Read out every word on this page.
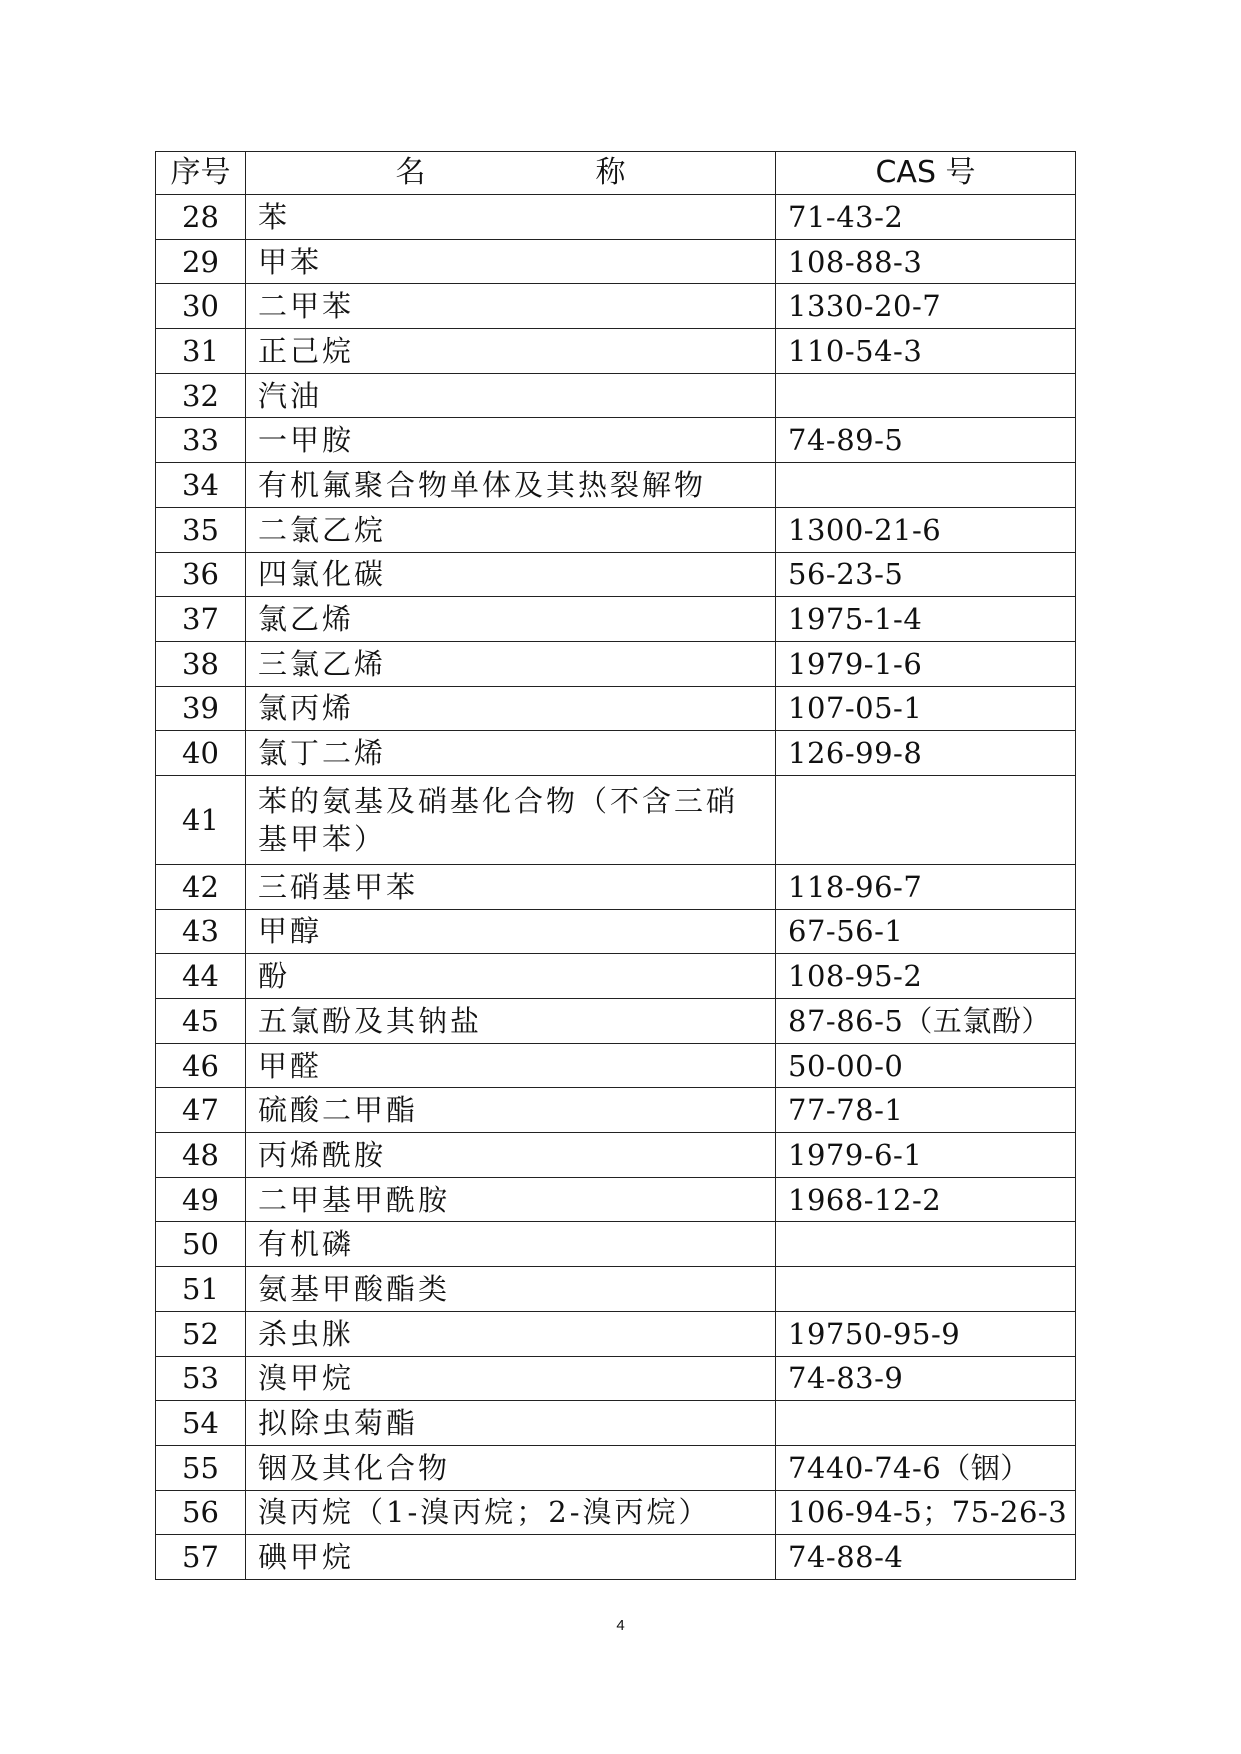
序号	名　称	CAS 号
28	苯	71-43-2
29	甲苯	108-88-3
30	二甲苯	1330-20-7
31	正己烷	110-54-3
32	汽油	
33	一甲胺	74-89-5
34	有机氟聚合物单体及其热裂解物	
35	二氯乙烷	1300-21-6
36	四氯化碳	56-23-5
37	氯乙烯	1975-1-4
38	三氯乙烯	1979-1-6
39	氯丙烯	107-05-1
40	氯丁二烯	126-99-8
41	苯的氨基及硝基化合物（不含三硝基甲苯）	
42	三硝基甲苯	118-96-7
43	甲醇	67-56-1
44	酚	108-95-2
45	五氯酚及其钠盐	87-86-5（五氯酚）
46	甲醛	50-00-0
47	硫酸二甲酯	77-78-1
48	丙烯酰胺	1979-6-1
49	二甲基甲酰胺	1968-12-2
50	有机磷	
51	氨基甲酸酯类	
52	杀虫脒	19750-95-9
53	溴甲烷	74-83-9
54	拟除虫菊酯	
55	铟及其化合物	7440-74-6（铟）
56	溴丙烷（1-溴丙烷；2-溴丙烷）	106-94-5；75-26-3
57	碘甲烷	74-88-4
4
